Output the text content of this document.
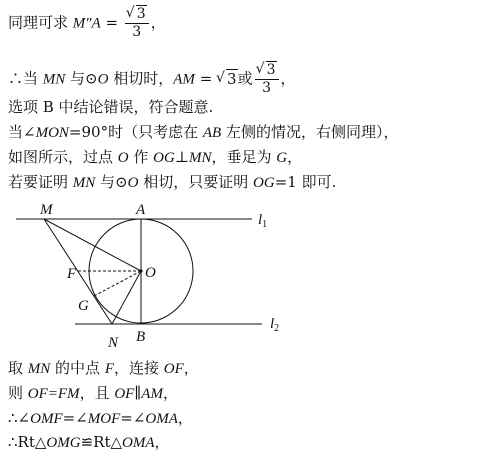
同理可求 M″A = √ $\frac{3}{3}$ ，
∴当 MN 与⊙O 相切时，AM = √ 3或 √ $\frac{3}{3}$ ，
选项 B 中结论错误，符合题意.
当∠MON=90°时（只考虑在 AB 左侧的情况，右侧同理），
如图所示，过点 O 作 OG⊥MN，垂足为 G，
若要证明 MN 与⊙O 相切，只要证明 OG=1 即可.
M	A
$l_1$
F	O
G
$l_2$
N B
取 MN 的中点 F，连接 OF，
则 OF=FM，且 OF∥AM，
∴∠OMF=∠MOF=∠OMA，
∴Rt△OMG≌Rt△OMA，
